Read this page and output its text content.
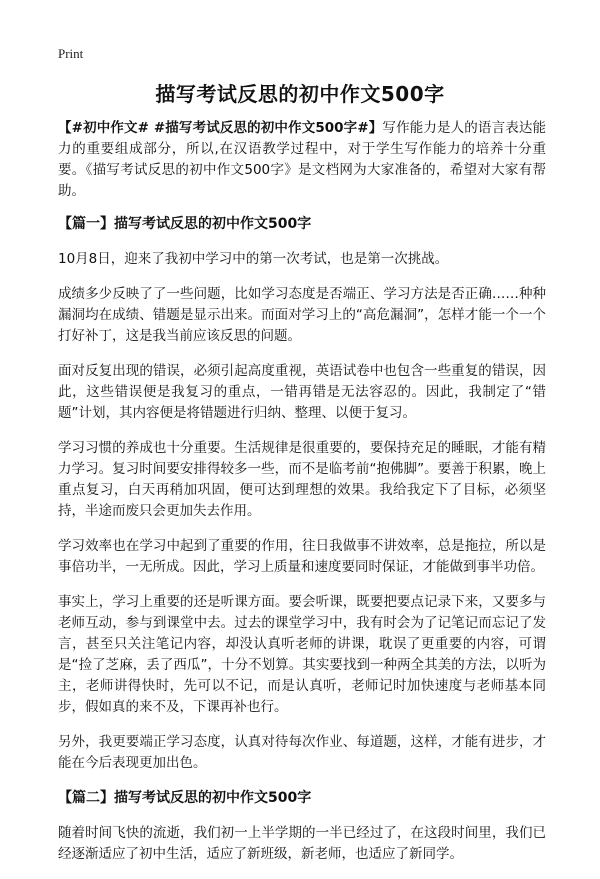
Print
描写考试反思的初中作文500字

【#初中作文# #描写考试反思的初中作文500字#】写作能力是人的语言表达能力的重要组成部分，所以,在汉语教学过程中，对于学生写作能力的培养十分重要。《描写考试反思的初中作文500字》是文档网为大家准备的，希望对大家有帮助。

【篇一】描写考试反思的初中作文500字

10月8日，迎来了我初中学习中的第一次考试，也是第一次挑战。

成绩多少反映了了一些问题，比如学习态度是否端正、学习方法是否正确……种种漏洞均在成绩、错题是显示出来。而面对学习上的“高危漏洞”，怎样才能一个一个打好补丁，这是我当前应该反思的问题。

面对反复出现的错误，必须引起高度重视，英语试卷中也包含一些重复的错误，因此，这些错误便是我复习的重点，一错再错是无法容忍的。因此，我制定了“错题”计划，其内容便是将错题进行归纳、整理、以便于复习。

学习习惯的养成也十分重要。生活规律是很重要的，要保持充足的睡眠，才能有精力学习。复习时间要安排得较多一些，而不是临考前“抱佛脚”。要善于积累，晚上重点复习，白天再稍加巩固，便可达到理想的效果。我给我定下了目标，必须坚持，半途而废只会更加失去作用。

学习效率也在学习中起到了重要的作用，往日我做事不讲效率，总是拖拉，所以是事倍功半，一无所成。因此，学习上质量和速度要同时保证，才能做到事半功倍。

事实上，学习上重要的还是听课方面。要会听课，既要把要点记录下来，又要多与老师互动，参与到课堂中去。过去的课堂学习中，我有时会为了记笔记而忘记了发言，甚至只关注笔记内容，却没认真听老师的讲课，耽误了更重要的内容，可谓是“捡了芝麻，丢了西瓜”，十分不划算。其实要找到一种两全其美的方法，以听为主，老师讲得快时，先可以不记，而是认真听，老师记时加快速度与老师基本同步，假如真的来不及，下课再补也行。

另外，我更要端正学习态度，认真对待每次作业、每道题，这样，才能有进步，才能在今后表现更加出色。

【篇二】描写考试反思的初中作文500字

随着时间飞快的流逝，我们初一上半学期的一半已经过了，在这段时间里，我们已经逐渐适应了初中生活，适应了新班级，新老师，也适应了新同学。
